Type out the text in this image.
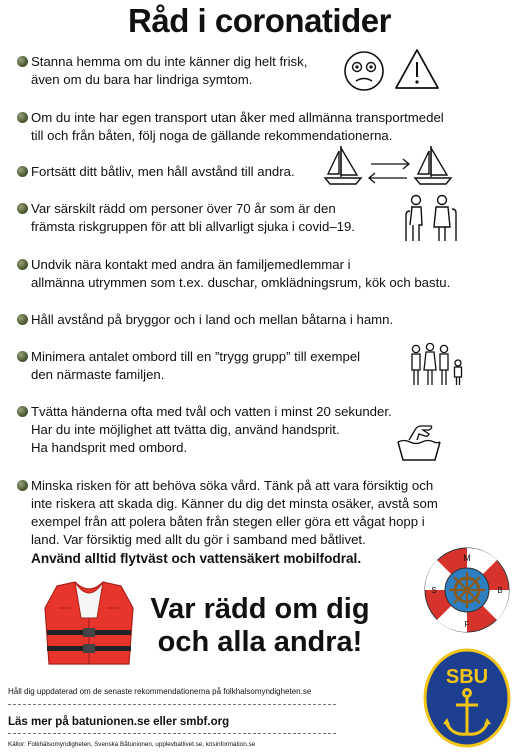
Råd i coronatider
Stanna hemma om du inte känner dig helt frisk,
även om du bara har lindriga symtom.
Om du inte har egen transport utan åker med allmänna transportmedel
till och från båten, följ noga de gällande rekommendationerna.
Fortsätt ditt båtliv, men håll avstånd till andra.
Var särskilt rädd om personer över 70 år som är den
främsta riskgruppen för att bli allvarligt sjuka i covid–19.
Undvik nära kontakt med andra än familjemedlemmar i
allmänna utrymmen som t.ex. duschar, omklädningsrum, kök och bastu.
Håll avstånd på bryggor och i land och mellan båtarna i hamn.
Minimera antalet ombord till en ”trygg grupp” till exempel
den närmaste familjen.
Tvätta händerna ofta med tvål och vatten i minst 20 sekunder.
Har du inte möjlighet att tvätta dig, använd handsprit.
Ha handsprit med ombord.
Minska risken för att behöva söka vård. Tänk på att vara försiktig och
inte riskera att skada dig. Känner du dig det minsta osäker, avstå som
exempel från att polera båten från stegen eller göra ett vågat hopp i
land. Var försiktig med allt du gör i samband med båtlivet.
Använd alltid flytväst och vattensäkert mobilfodral.
Var rädd om dig
och alla andra!
M
S	B
F
SBU
Håll dig uppdaterad om de senaste rekommendationerna på folkhalsomyndigheten.se
Läs mer på batunionen.se eller smbf.org
Källor: Folkhälsomyndigheten, Svenska Båtunionen, upplevbatlivet.se, krisinformation.se
